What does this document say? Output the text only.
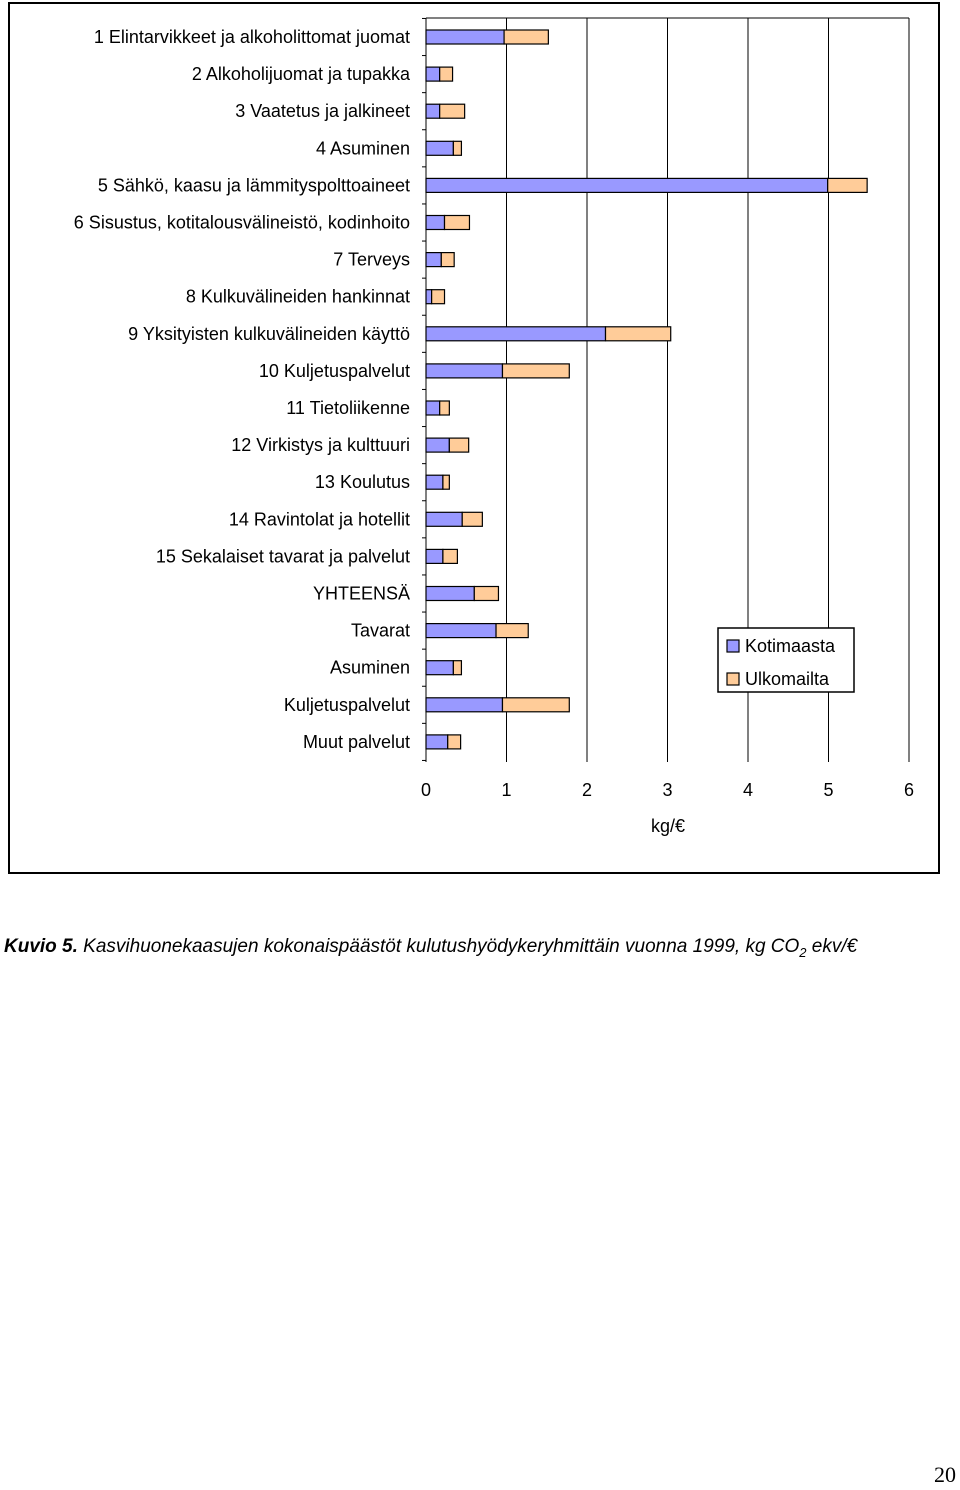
1 Elintarvikkeet ja alkoholittomat juomat
2 Alkoholijuomat ja tupakka
3 Vaatetus ja jalkineet
4 Asuminen
5 Sähkö, kaasu ja lämmityspolttoaineet
6 Sisustus, kotitalousvälineistö, kodinhoito
7 Terveys
8 Kulkuvälineiden hankinnat
9 Yksityisten kulkuvälineiden käyttö
10 Kuljetuspalvelut
11 Tietoliikenne
12 Virkistys ja kulttuuri
13 Koulutus
14 Ravintolat ja hotellit
15 Sekalaiset tavarat ja palvelut
YHTEENSÄ
Tavarat
Asuminen
Kuljetuspalvelut
Muut palvelut
0	1	2	3	4	5	6
kg/€
Kotimaasta
Ulkomailta
Kuvio 5. Kasvihuonekaasujen kokonaispäästöt kulutushyödykeryhmittäin vuonna 1999, kg $CO_2$ ekv/€
20
